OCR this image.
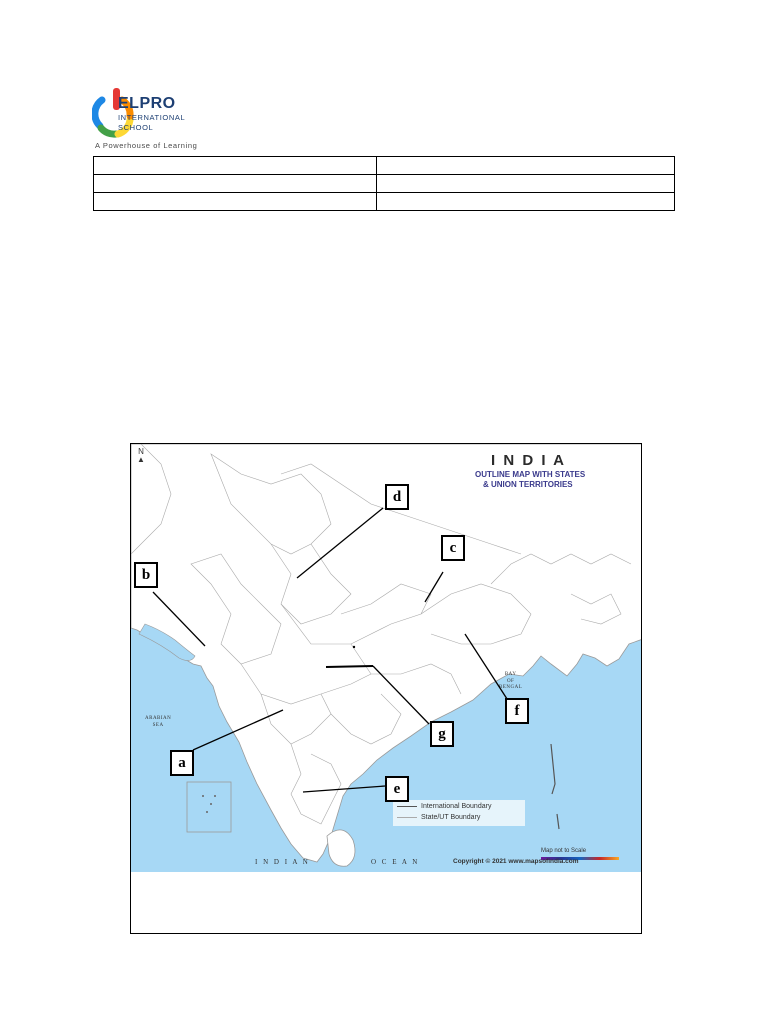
ELPRO
INTERNATIONAL
SCHOOL
A Powerhouse of Learning

I N D I A
OUTLINE MAP WITH STATES
& UNION TERRITORIES
N
▲
ARABIAN
SEA
BAY
OF
BENGAL
I N D I A N	O C E A N
International Boundary
State/UT Boundary
Map not to Scale
Copyright © 2021 www.mapsofindia.com
a
b
c
d
e
f
g
